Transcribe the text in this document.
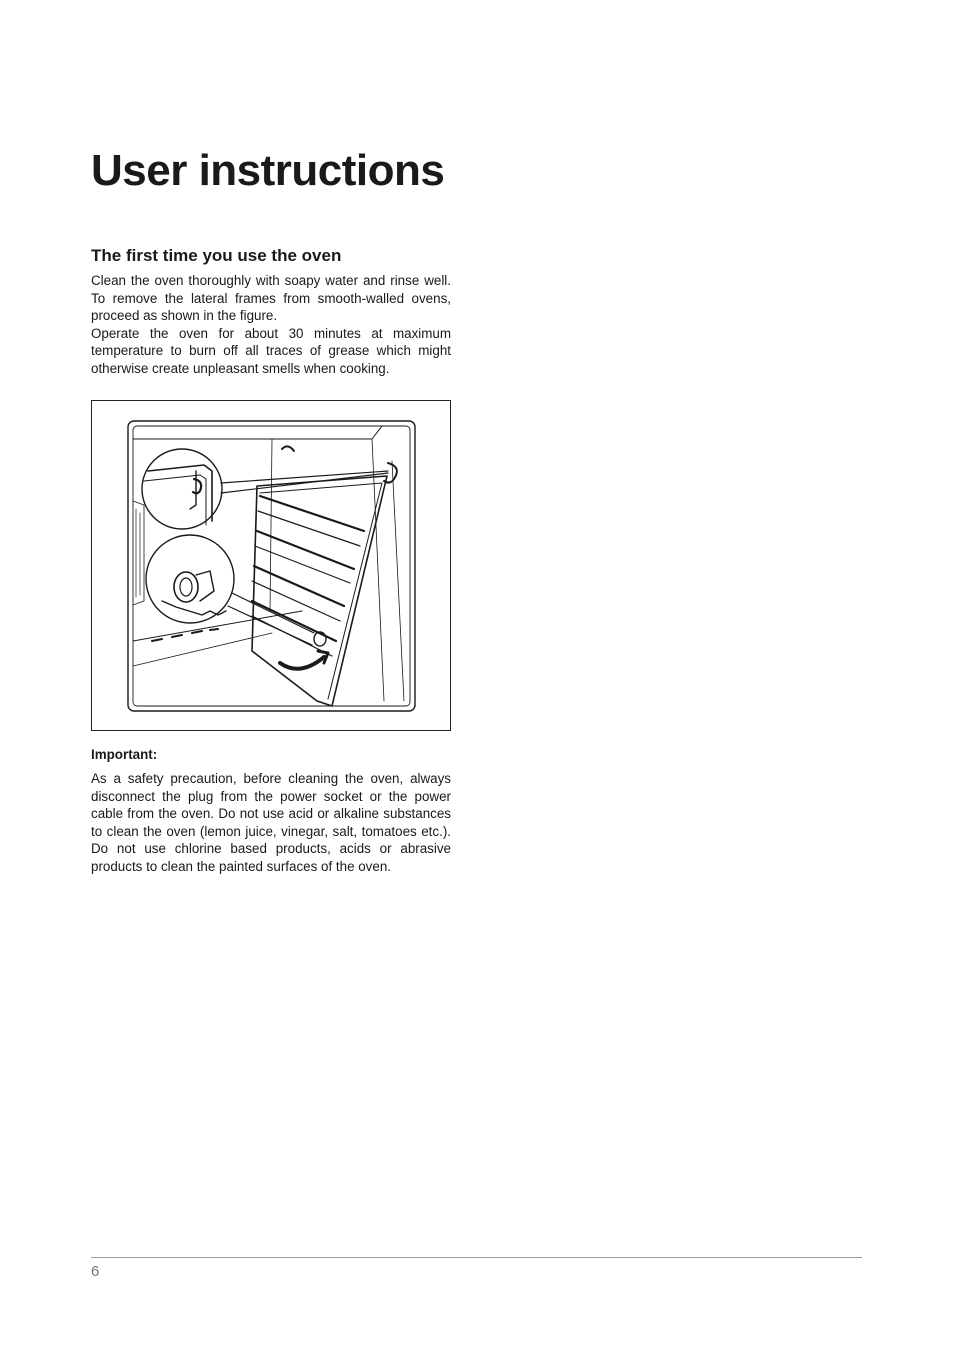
User instructions
The first time you use the oven

Clean the oven thoroughly with soapy water and rinse well. To remove the lateral frames from smooth-walled ovens, proceed as shown in the figure.

Operate the oven for about 30 minutes at maximum temperature to burn off all traces of grease which might otherwise create unpleasant smells when cooking.

Important:

As a safety precaution, before cleaning the oven, always disconnect the plug from the power socket or the power cable from the oven. Do not use acid or alkaline substances to clean the oven (lemon juice, vinegar, salt, tomatoes etc.). Do not use chlorine based products, acids or abrasive products to clean the painted surfaces of the oven.

6
